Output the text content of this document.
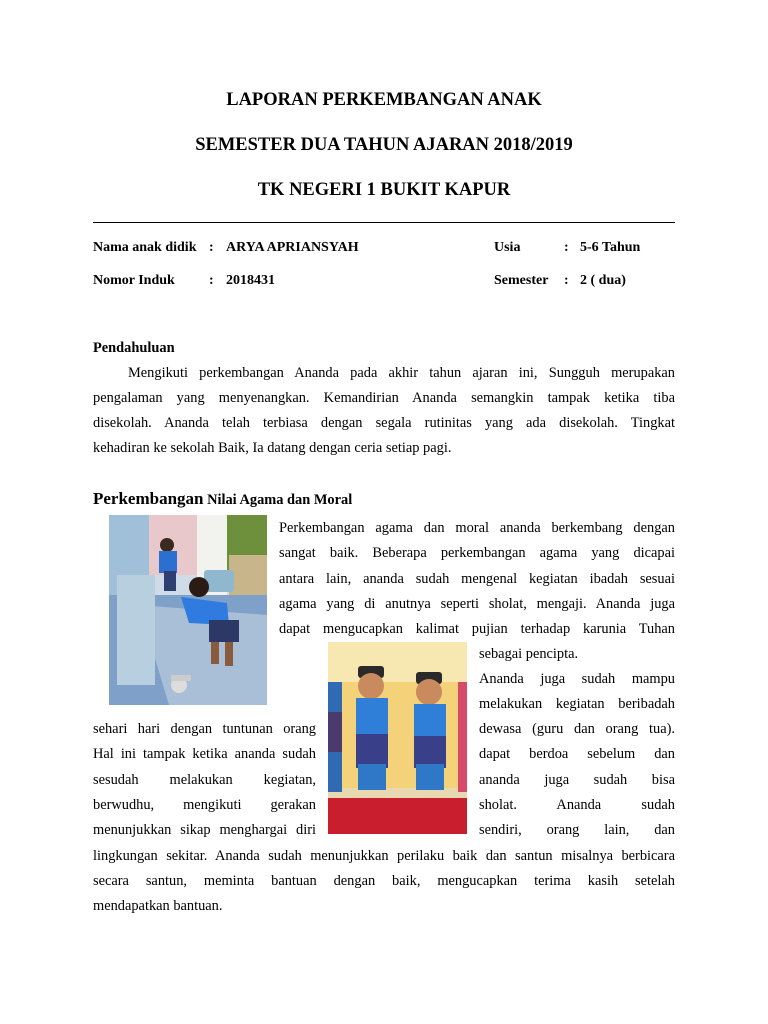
LAPORAN PERKEMBANGAN ANAK
SEMESTER DUA TAHUN AJARAN 2018/2019
TK NEGERI 1 BUKIT KAPUR
Nama anak didik : ARYA APRIANSYAH	Usia	: 5-6 Tahun
Nomor Induk : 2018431	Semester : 2 ( dua)
Pendahuluan
Mengikuti perkembangan Ananda pada akhir tahun ajaran ini, Sungguh merupakan
pengalaman yang menyenangkan. Kemandirian Ananda semangkin tampak ketika tiba
disekolah. Ananda telah terbiasa dengan segala rutinitas yang ada disekolah. Tingkat
kehadiran ke sekolah Baik, Ia datang dengan ceria setiap pagi.
Perkembangan Nilai Agama dan Moral
Perkembangan agama dan moral ananda berkembang dengan
sangat baik. Beberapa perkembangan agama yang dicapai
antara lain, ananda sudah mengenal kegiatan ibadah sesuai
agama yang di anutnya seperti sholat, mengaji. Ananda juga
dapat mengucapkan kalimat pujian terhadap karunia Tuhan
sebagai pencipta.
Ananda juga sudah mampu
melakukan kegiatan beribadah
dewasa (guru dan orang tua).
dapat berdoa sebelum dan
ananda juga sudah bisa
sholat. Ananda sudah
sendiri, orang lain, dan
sehari hari dengan tuntunan orang
Hal ini tampak ketika ananda sudah
sesudah melakukan kegiatan,
berwudhu, mengikuti gerakan
menunjukkan sikap menghargai diri
lingkungan sekitar. Ananda sudah menunjukkan perilaku baik dan santun misalnya berbicara
secara santun, meminta bantuan dengan baik, mengucapkan terima kasih setelah
mendapatkan bantuan.
